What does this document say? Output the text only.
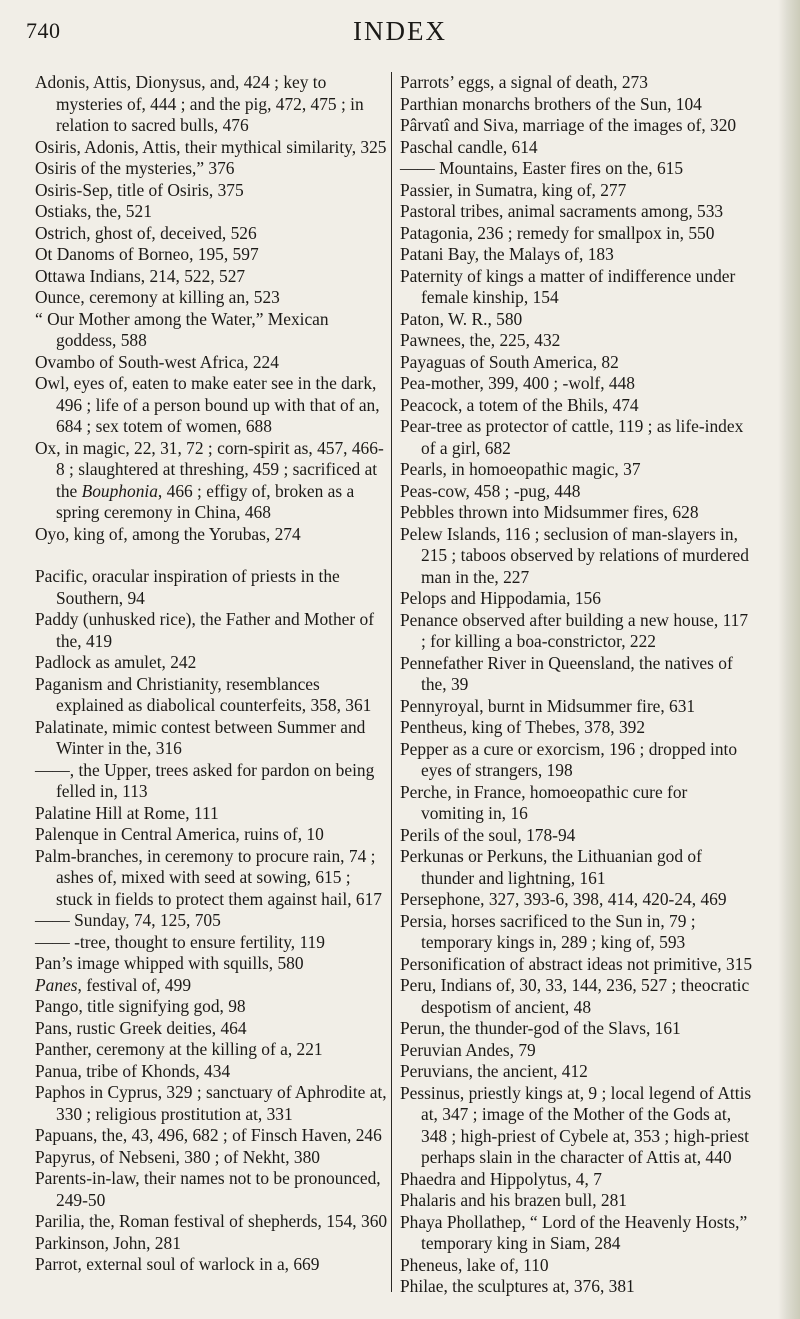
740	INDEX

Adonis, Attis, Dionysus, and, 424 ; key to mysteries of, 444 ; and the pig, 472, 475 ; in relation to sacred bulls, 476

Osiris, Adonis, Attis, their mythical similarity, 325

Osiris of the mysteries,” 376

Osiris-Sep, title of Osiris, 375

Ostiaks, the, 521

Ostrich, ghost of, deceived, 526

Ot Danoms of Borneo, 195, 597

Ottawa Indians, 214, 522, 527

Ounce, ceremony at killing an, 523

“ Our Mother among the Water,” Mexican goddess, 588

Ovambo of South-west Africa, 224

Owl, eyes of, eaten to make eater see in the dark, 496 ; life of a person bound up with that of an, 684 ; sex totem of women, 688

Ox, in magic, 22, 31, 72 ; corn-spirit as, 457, 466-8 ; slaughtered at threshing, 459 ; sacrificed at the Bouphonia, 466 ; effigy of, broken as a spring ceremony in China, 468

Oyo, king of, among the Yorubas, 274

Pacific, oracular inspiration of priests in the Southern, 94

Paddy (unhusked rice), the Father and Mother of the, 419

Padlock as amulet, 242

Paganism and Christianity, resemblances explained as diabolical counterfeits, 358, 361

Palatinate, mimic contest between Summer and Winter in the, 316

——, the Upper, trees asked for pardon on being felled in, 113

Palatine Hill at Rome, 111

Palenque in Central America, ruins of, 10

Palm-branches, in ceremony to procure rain, 74 ; ashes of, mixed with seed at sowing, 615 ; stuck in fields to protect them against hail, 617

—— Sunday, 74, 125, 705

—— -tree, thought to ensure fertility, 119

Pan’s image whipped with squills, 580

Panes, festival of, 499

Pango, title signifying god, 98

Pans, rustic Greek deities, 464

Panther, ceremony at the killing of a, 221

Panua, tribe of Khonds, 434

Paphos in Cyprus, 329 ; sanctuary of Aphrodite at, 330 ; religious prostitution at, 331

Papuans, the, 43, 496, 682 ; of Finsch Haven, 246

Papyrus, of Nebseni, 380 ; of Nekht, 380

Parents-in-law, their names not to be pronounced, 249-50

Parilia, the, Roman festival of shepherds, 154, 360

Parkinson, John, 281

Parrot, external soul of warlock in a, 669

Parrots’ eggs, a signal of death, 273

Parthian monarchs brothers of the Sun, 104

Pârvatî and Siva, marriage of the images of, 320

Paschal candle, 614

—— Mountains, Easter fires on the, 615

Passier, in Sumatra, king of, 277

Pastoral tribes, animal sacraments among, 533

Patagonia, 236 ; remedy for smallpox in, 550

Patani Bay, the Malays of, 183

Paternity of kings a matter of indifference under female kinship, 154

Paton, W. R., 580

Pawnees, the, 225, 432

Payaguas of South America, 82

Pea-mother, 399, 400 ; -wolf, 448

Peacock, a totem of the Bhils, 474

Pear-tree as protector of cattle, 119 ; as life-index of a girl, 682

Pearls, in homoeopathic magic, 37

Peas-cow, 458 ; -pug, 448

Pebbles thrown into Midsummer fires, 628

Pelew Islands, 116 ; seclusion of man-slayers in, 215 ; taboos observed by relations of murdered man in the, 227

Pelops and Hippodamia, 156

Penance observed after building a new house, 117 ; for killing a boa-constrictor, 222

Pennefather River in Queensland, the natives of the, 39

Pennyroyal, burnt in Midsummer fire, 631

Pentheus, king of Thebes, 378, 392

Pepper as a cure or exorcism, 196 ; dropped into eyes of strangers, 198

Perche, in France, homoeopathic cure for vomiting in, 16

Perils of the soul, 178-94

Perkunas or Perkuns, the Lithuanian god of thunder and lightning, 161

Persephone, 327, 393-6, 398, 414, 420-24, 469

Persia, horses sacrificed to the Sun in, 79 ; temporary kings in, 289 ; king of, 593

Personification of abstract ideas not primitive, 315

Peru, Indians of, 30, 33, 144, 236, 527 ; theocratic despotism of ancient, 48

Perun, the thunder-god of the Slavs, 161

Peruvian Andes, 79

Peruvians, the ancient, 412

Pessinus, priestly kings at, 9 ; local legend of Attis at, 347 ; image of the Mother of the Gods at, 348 ; high-priest of Cybele at, 353 ; high-priest perhaps slain in the character of Attis at, 440

Phaedra and Hippolytus, 4, 7

Phalaris and his brazen bull, 281

Phaya Phollathep, “ Lord of the Heavenly Hosts,” temporary king in Siam, 284

Pheneus, lake of, 110

Philae, the sculptures at, 376, 381
